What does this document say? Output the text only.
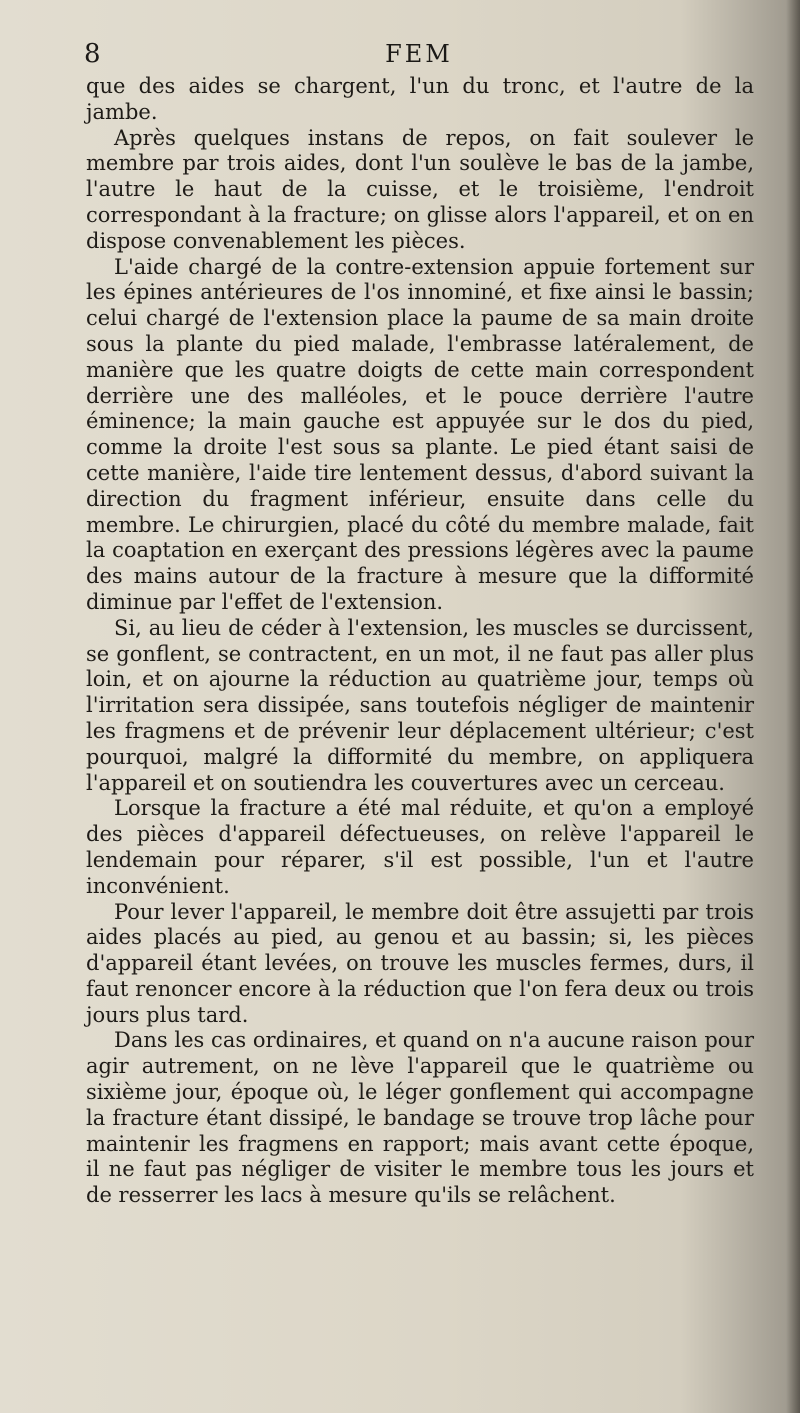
8	FEM

que des aides se chargent, l'un du tronc, et l'autre de la jambe.

Après quelques instans de repos, on fait soulever le membre par trois aides, dont l'un soulève le bas de la jambe, l'autre le haut de la cuisse, et le troisième, l'endroit correspondant à la fracture; on glisse alors l'appareil, et on en dispose convenablement les pièces.

L'aide chargé de la contre-extension appuie fortement sur les épines antérieures de l'os innominé, et fixe ainsi le bassin; celui chargé de l'extension place la paume de sa main droite sous la plante du pied malade, l'embrasse latéralement, de manière que les quatre doigts de cette main correspondent derrière une des malléoles, et le pouce derrière l'autre éminence; la main gauche est appuyée sur le dos du pied, comme la droite l'est sous sa plante. Le pied étant saisi de cette manière, l'aide tire lentement dessus, d'abord suivant la direction du fragment inférieur, ensuite dans celle du membre. Le chirurgien, placé du côté du membre malade, fait la coaptation en exerçant des pressions légères avec la paume des mains autour de la fracture à mesure que la difformité diminue par l'effet de l'extension.

Si, au lieu de céder à l'extension, les muscles se durcissent, se gonflent, se contractent, en un mot, il ne faut pas aller plus loin, et on ajourne la réduction au quatrième jour, temps où l'irritation sera dissipée, sans toutefois négliger de maintenir les fragmens et de prévenir leur déplacement ultérieur; c'est pourquoi, malgré la difformité du membre, on appliquera l'appareil et on soutiendra les couvertures avec un cerceau.

Lorsque la fracture a été mal réduite, et qu'on a employé des pièces d'appareil défectueuses, on relève l'appareil le lendemain pour réparer, s'il est possible, l'un et l'autre inconvénient.

Pour lever l'appareil, le membre doit être assujetti par trois aides placés au pied, au genou et au bassin; si, les pièces d'appareil étant levées, on trouve les muscles fermes, durs, il faut renoncer encore à la réduction que l'on fera deux ou trois jours plus tard.

Dans les cas ordinaires, et quand on n'a aucune raison pour agir autrement, on ne lève l'appareil que le quatrième ou sixième jour, époque où, le léger gonflement qui accompagne la fracture étant dissipé, le bandage se trouve trop lâche pour maintenir les fragmens en rapport; mais avant cette époque, il ne faut pas négliger de visiter le membre tous les jours et de resserrer les lacs à mesure qu'ils se relâchent.
